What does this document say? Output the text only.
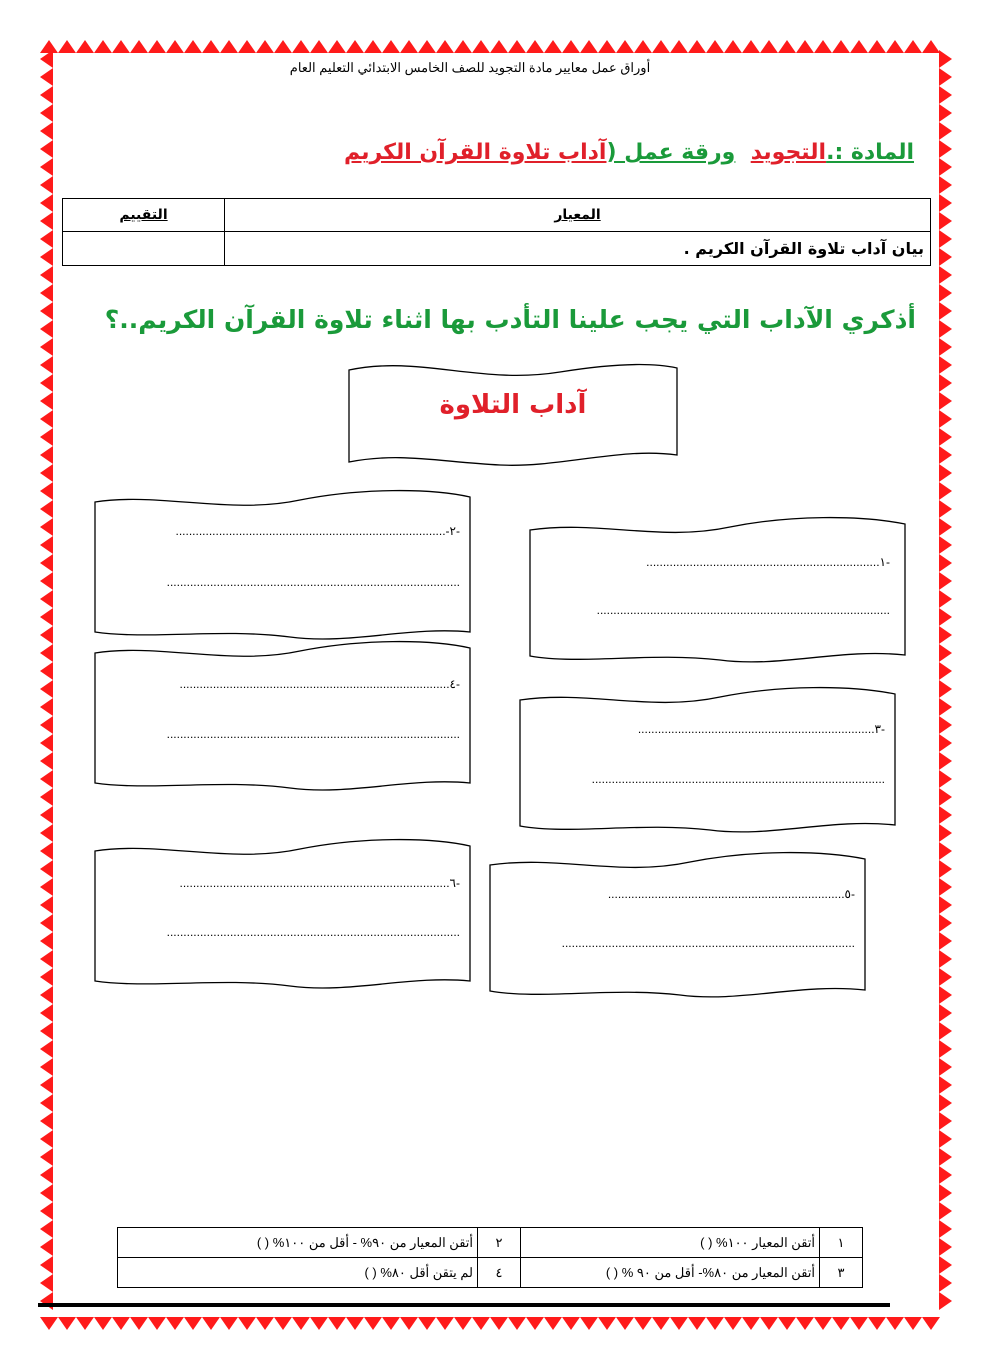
أوراق عمل معايير مادة التجويد للصف الخامس الابتدائي التعليم العام
المادة :.التجويد  ورقة عمل (آداب تلاوة القرآن الكريم
المعيار	التقييم
بيان آداب تلاوة القرآن الكريم .	
أذكري الآداب التي يجب علينا التأدب بها اثناء تلاوة القرآن الكريم..؟
آداب التلاوة
-٢-.................................................................................
........................................................................................
-١......................................................................
........................................................................................
-٤.................................................................................
........................................................................................	-٣.......................................................................
........................................................................................
-٦.................................................................................
........................................................................................
-٥.......................................................................
........................................................................................
١	أتقن المعيار ١٠٠% ( )	٢	أتقن المعيار من ٩٠% - أقل من ١٠٠% ( )
٣	أتقن المعيار من ٨٠%- أقل من ٩٠ % ( )	٤	لم يتقن أقل ٨٠% ( )
